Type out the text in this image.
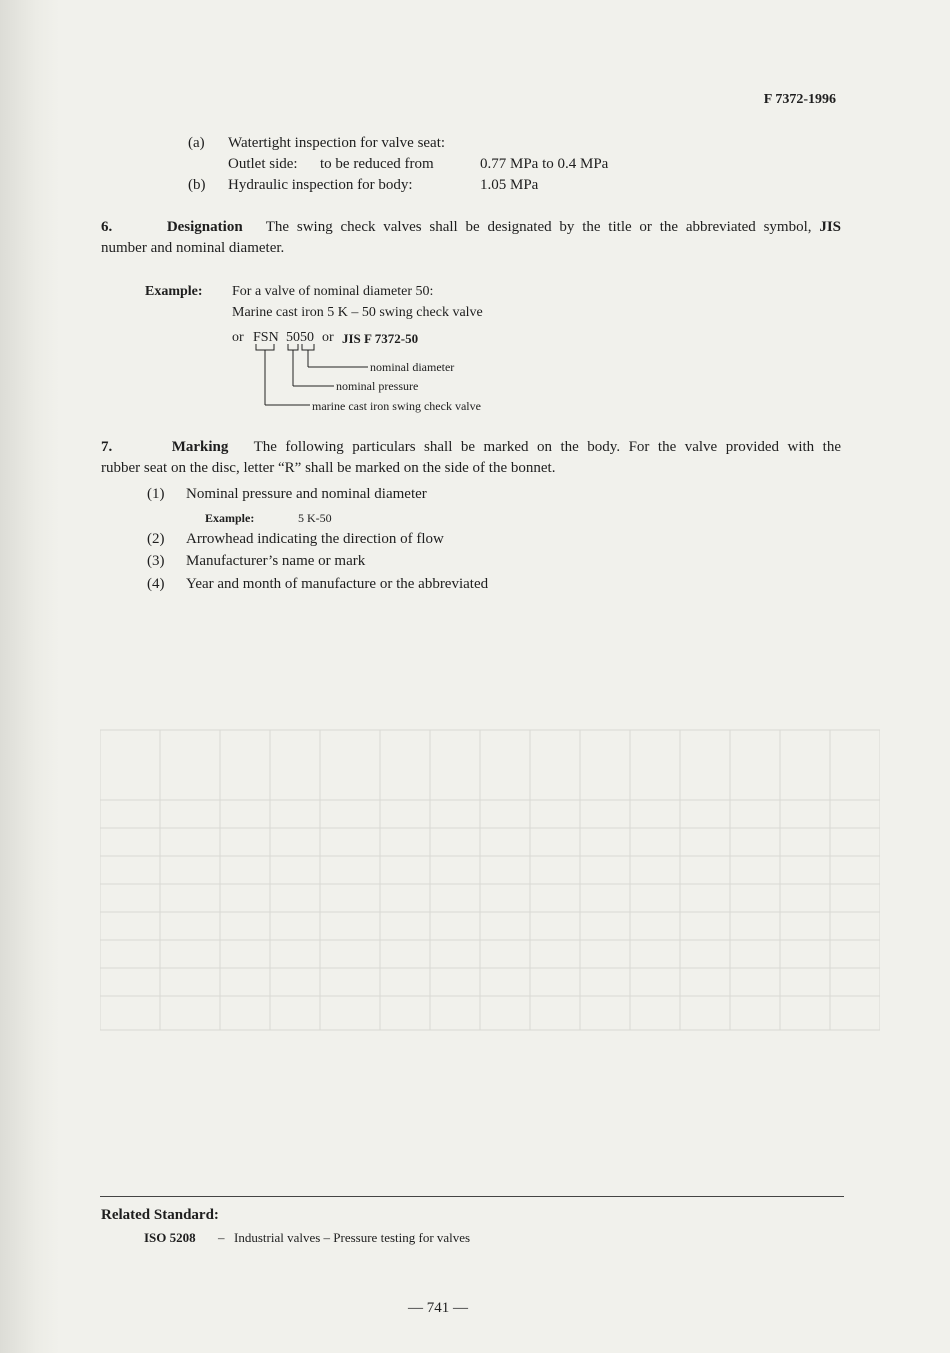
F 7372-1996
(a) Watertight inspection for valve seat:
Outlet side: to be reduced from	0.77 MPa to 0.4 MPa
(b) Hydraulic inspection for body:	1.05 MPa
6.	Designation The swing check valves shall be designated by the title or the abbreviated symbol, JIS
number and nominal diameter.
Example: For a valve of nominal diameter 50:
Marine cast iron 5 K – 50 swing check valve
or FSN 5050 or JIS F 7372-50
nominal diameter
nominal pressure
marine cast iron swing check valve
7.	Marking The following particulars shall be marked on the body. For the valve provided with the
rubber seat on the disc, letter “R” shall be marked on the side of the bonnet.
(1) Nominal pressure and nominal diameter
Example:	5 K-50
(2) Arrowhead indicating the direction of flow
(3) Manufacturer’s name or mark
(4) Year and month of manufacture or the abbreviated
Related Standard:
ISO 5208 – Industrial valves – Pressure testing for valves
— 741 —
